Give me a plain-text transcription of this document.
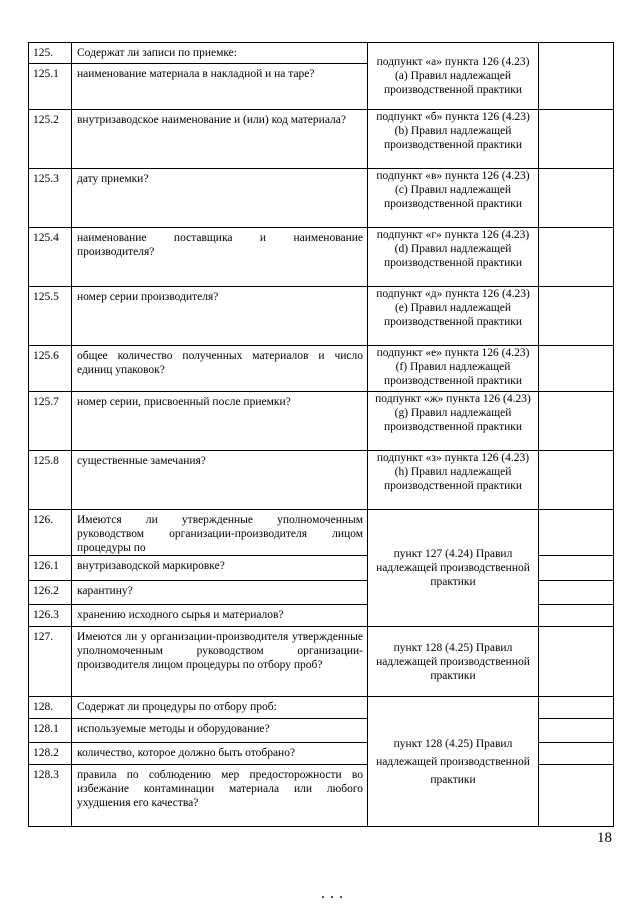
125.	Содержат ли записи по приемке:	подпункт «а» пункта 126 (4.23) (a) Правил надлежащей производственной практики	
125.1	наименование материала в накладной и на таре?		
125.2	внутризаводское наименование и (или) код материала?	подпункт «б» пункта 126 (4.23) (b) Правил надлежащей производственной практики	
125.3	дату приемки?	подпункт «в» пункта 126 (4.23) (c) Правил надлежащей производственной практики	
125.4	наименование поставщика и наименование производителя?	подпункт «г» пункта 126 (4.23) (d) Правил надлежащей производственной практики	
125.5	номер серии производителя?	подпункт «д» пункта 126 (4.23) (e) Правил надлежащей производственной практики	
125.6	общее количество полученных материалов и число единиц упаковок?	подпункт «е» пункта 126 (4.23) (f) Правил надлежащей производственной практики	
125.7	номер серии, присвоенный после приемки?	подпункт «ж» пункта 126 (4.23) (g) Правил надлежащей производственной практики	
125.8	существенные замечания?	подпункт «з» пункта 126 (4.23) (h) Правил надлежащей производственной практики	
126.	Имеются ли утвержденные уполномоченным руководством организации-производителя лицом процедуры по	пункт 127 (4.24) Правил надлежащей производственной практики	
126.1	внутризаводской маркировке?		
126.2	карантину?		
126.3	хранению исходного сырья и материалов?		
127.	Имеются ли у организации-производителя утвержденные уполномоченным руководством организации-производителя лицом процедуры по отбору проб?	пункт 128 (4.25) Правил надлежащей производственной практики	
128.	Содержат ли процедуры по отбору проб:	пункт 128 (4.25) Правил надлежащей производственной практики	
128.1	используемые методы и оборудование?		
128.2	количество, которое должно быть отобрано?		
128.3	правила по соблюдению мер предосторожности во избежание контаминации материала или любого ухудшения его качества?		
18
